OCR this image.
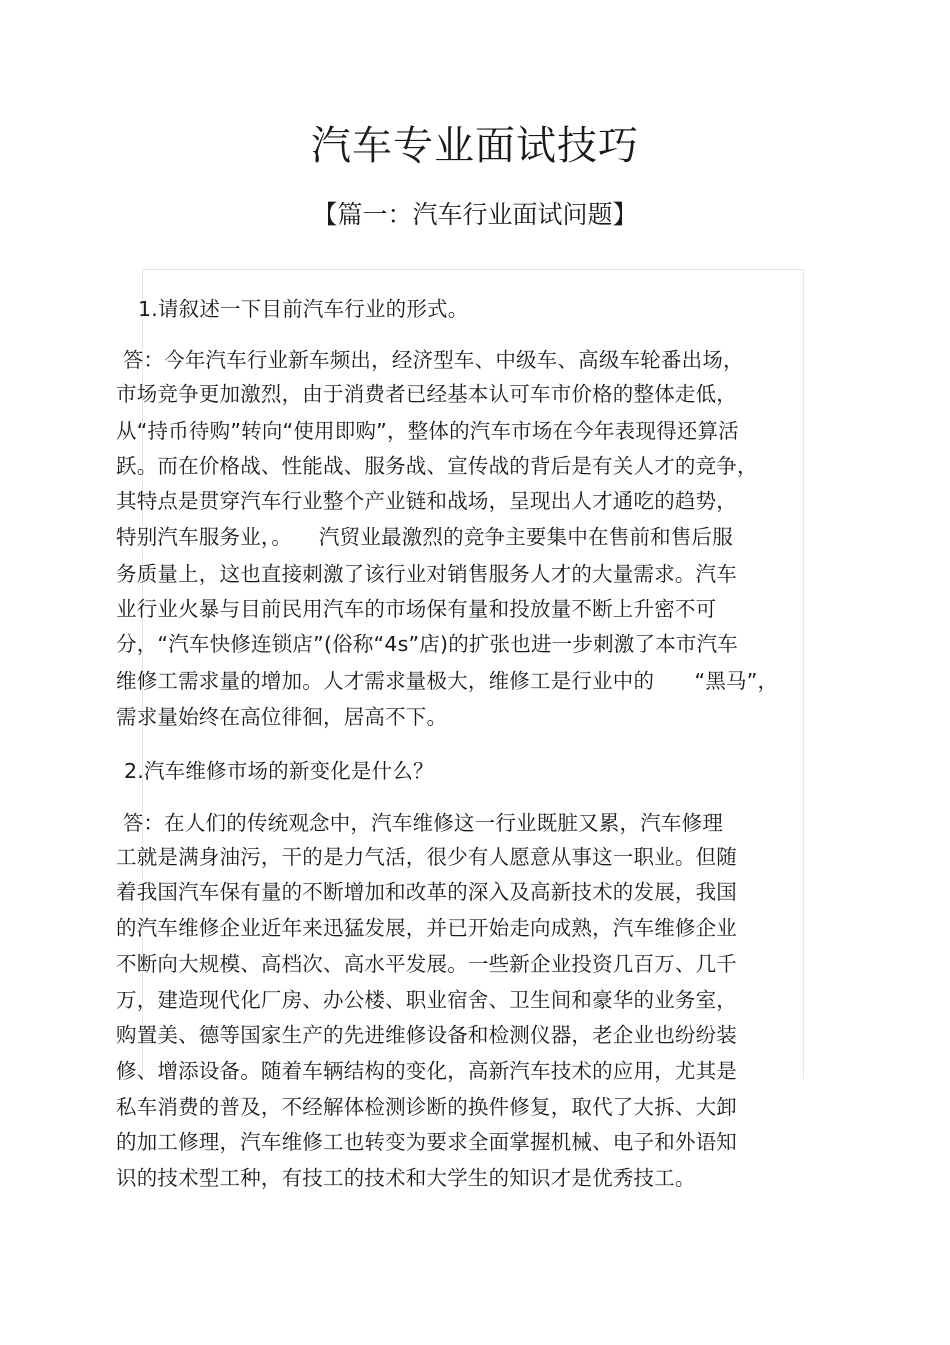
汽车专业面试技巧
【篇一：汽车行业面试问题】
1.请叙述一下目前汽车行业的形式。
答：今年汽车行业新车频出，经济型车、中级车、高级车轮番出场，
市场竞争更加激烈，由于消费者已经基本认可车市价格的整体走低，
从“持币待购”转向“使用即购”，整体的汽车市场在今年表现得还算活
跃。而在价格战、性能战、服务战、宣传战的背后是有关人才的竞争，
其特点是贯穿汽车行业整个产业链和战场，呈现出人才通吃的趋势，
特别汽车服务业，。    汽贸业最激烈的竞争主要集中在售前和售后服
务质量上，这也直接刺激了该行业对销售服务人才的大量需求。汽车
业行业火暴与目前民用汽车的市场保有量和投放量不断上升密不可
分，“汽车快修连锁店”(俗称“4s”店)的扩张也进一步刺激了本市汽车
维修工需求量的增加。人才需求量极大，维修工是行业中的      “黑马”，
需求量始终在高位徘徊，居高不下。
2.汽车维修市场的新变化是什么？
答：在人们的传统观念中，汽车维修这一行业既脏又累，汽车修理
工就是满身油污，干的是力气活，很少有人愿意从事这一职业。但随
着我国汽车保有量的不断增加和改革的深入及高新技术的发展，我国
的汽车维修企业近年来迅猛发展，并已开始走向成熟，汽车维修企业
不断向大规模、高档次、高水平发展。一些新企业投资几百万、几千
万，建造现代化厂房、办公楼、职业宿舍、卫生间和豪华的业务室，
购置美、德等国家生产的先进维修设备和检测仪器，老企业也纷纷装
修、增添设备。随着车辆结构的变化，高新汽车技术的应用，尤其是
私车消费的普及，不经解体检测诊断的换件修复，取代了大拆、大卸
的加工修理，汽车维修工也转变为要求全面掌握机械、电子和外语知
识的技术型工种，有技工的技术和大学生的知识才是优秀技工。
